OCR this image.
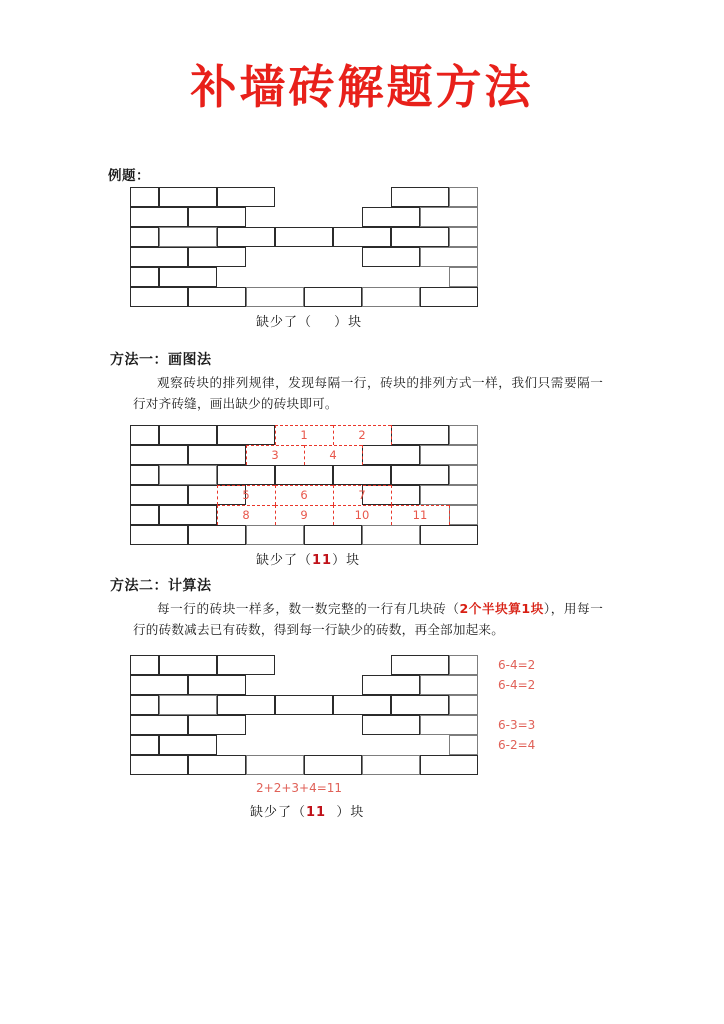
补墙砖解题方法
例题：
缺少了（ ）块
方法一：画图法
观察砖块的排列规律，发现每隔一行，砖块的排列方式一样，我们只需要隔一行对齐砖缝，画出缺少的砖块即可。
1	2
3	4
5	6	7
8	9	10	11
缺少了（11）块
方法二：计算法
每一行的砖块一样多，数一数完整的一行有几块砖（2个半块算1块），用每一行的砖数减去已有砖数，得到每一行缺少的砖数，再全部加起来。
2+2+3+4=11
缺少了（11  ）块
6-4=2
6-4=2
6-3=3
6-2=4
